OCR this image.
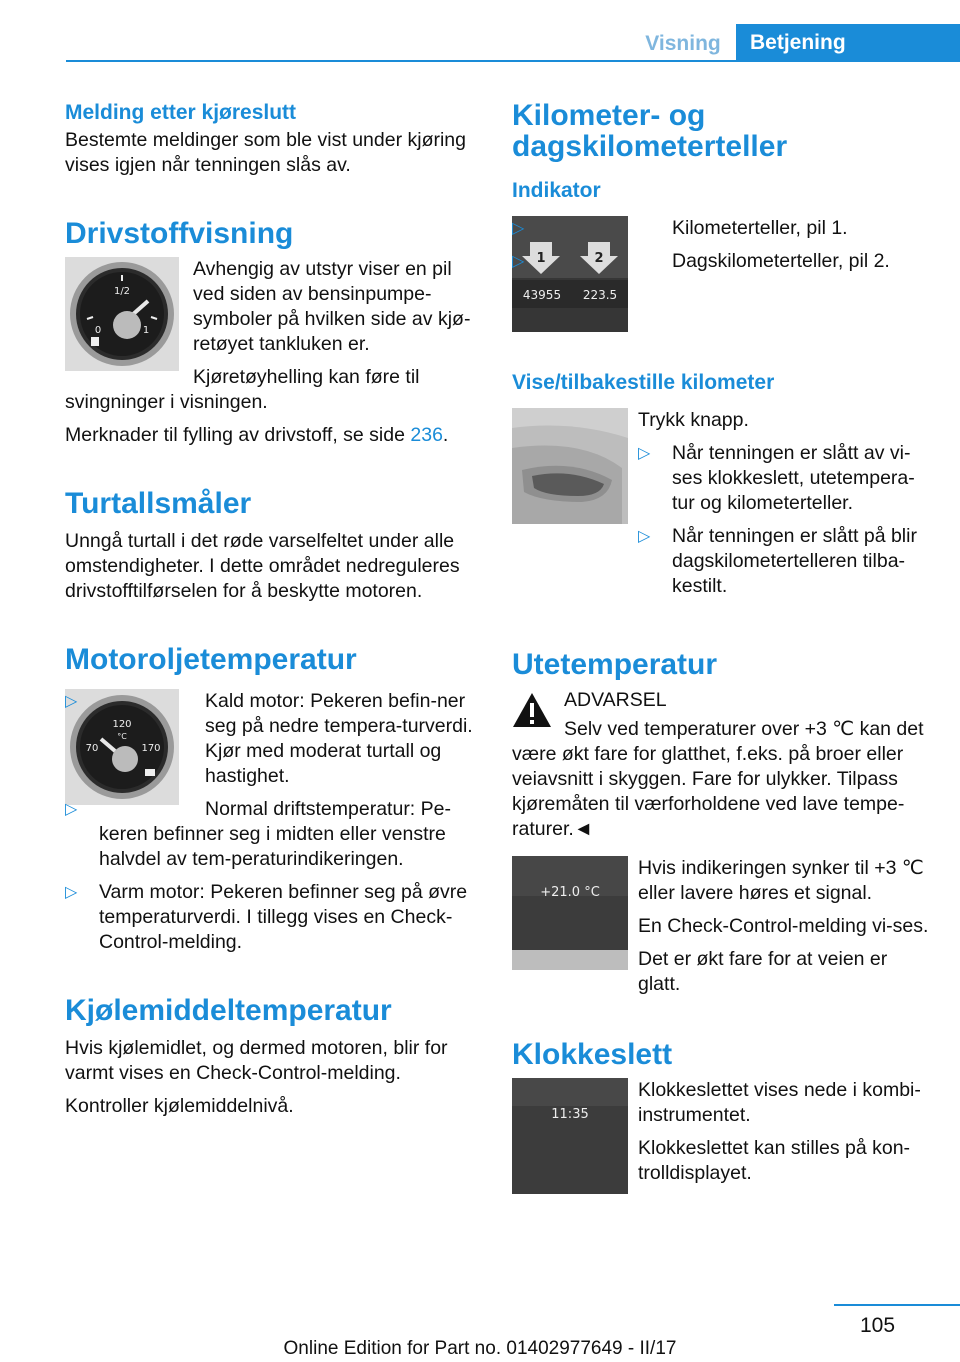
Visning	Betjening
Melding etter kjøreslutt

Bestemte meldinger som ble vist under kjøring vises igjen når tenningen slås av.

Drivstoffvisning
1/2
0	1

Avhengig av utstyr viser en pil ved siden av bensinpumpe-symboler på hvilken side av kjø-retøyet tankluken er.

Kjøretøyhelling kan føre til svingninger i visningen.

Merknader til fylling av drivstoff, se side 236.

Turtallsmåler

Unngå turtall i det røde varselfeltet under alle omstendigheter. I dette området nedreguleres drivstofftilførselen for å beskytte motoren.

Motoroljetemperatur
120
°C
70	170
▷	Kald motor: Pekeren befin-ner seg på nedre tempera-turverdi. Kjør med moderat turtall og hastighet.
▷	Normal driftstemperatur: Pe-keren befinner seg i midten eller venstre halvdel av tem-peraturindikeringen.
▷ Varm motor: Pekeren befinner seg på øvre temperaturverdi. I tillegg vises en Check-Control-melding.
Kjølemiddeltemperatur

Hvis kjølemidlet, og dermed motoren, blir for varmt vises en Check-Control-melding.

Kontroller kjølemiddelnivå.

Kilometer- og dagskilometerteller
Indikator
1	2
43955 223.5
▷	Kilometerteller, pil 1.
▷	Dagskilometerteller, pil 2.
Vise/tilbakestille kilometer

Trykk knapp.

▷ Når tenningen er slått av vi-ses klokkeslett, utetempera-tur og kilometerteller.
▷ Når tenningen er slått på blir dagskilometertelleren tilba-kestilt.
Utetemperatur

ADVARSEL

Selv ved temperaturer over +3 ℃ kan det være økt fare for glatthet, f.eks. på broer eller veiavsnitt i skyggen. Fare for ulykker. Tilpass kjøremåten til værforholdene ved lave tempe-raturer.◄

+21.0 °C

Hvis indikeringen synker til +3 ℃ eller lavere høres et signal.

En Check-Control-melding vi-ses.

Det er økt fare for at veien er glatt.

Klokkeslett
11:35

Klokkeslettet vises nede i kombi-instrumentet.

Klokkeslettet kan stilles på kon-trolldisplayet.

105
Online Edition for Part no. 01402977649 - II/17
